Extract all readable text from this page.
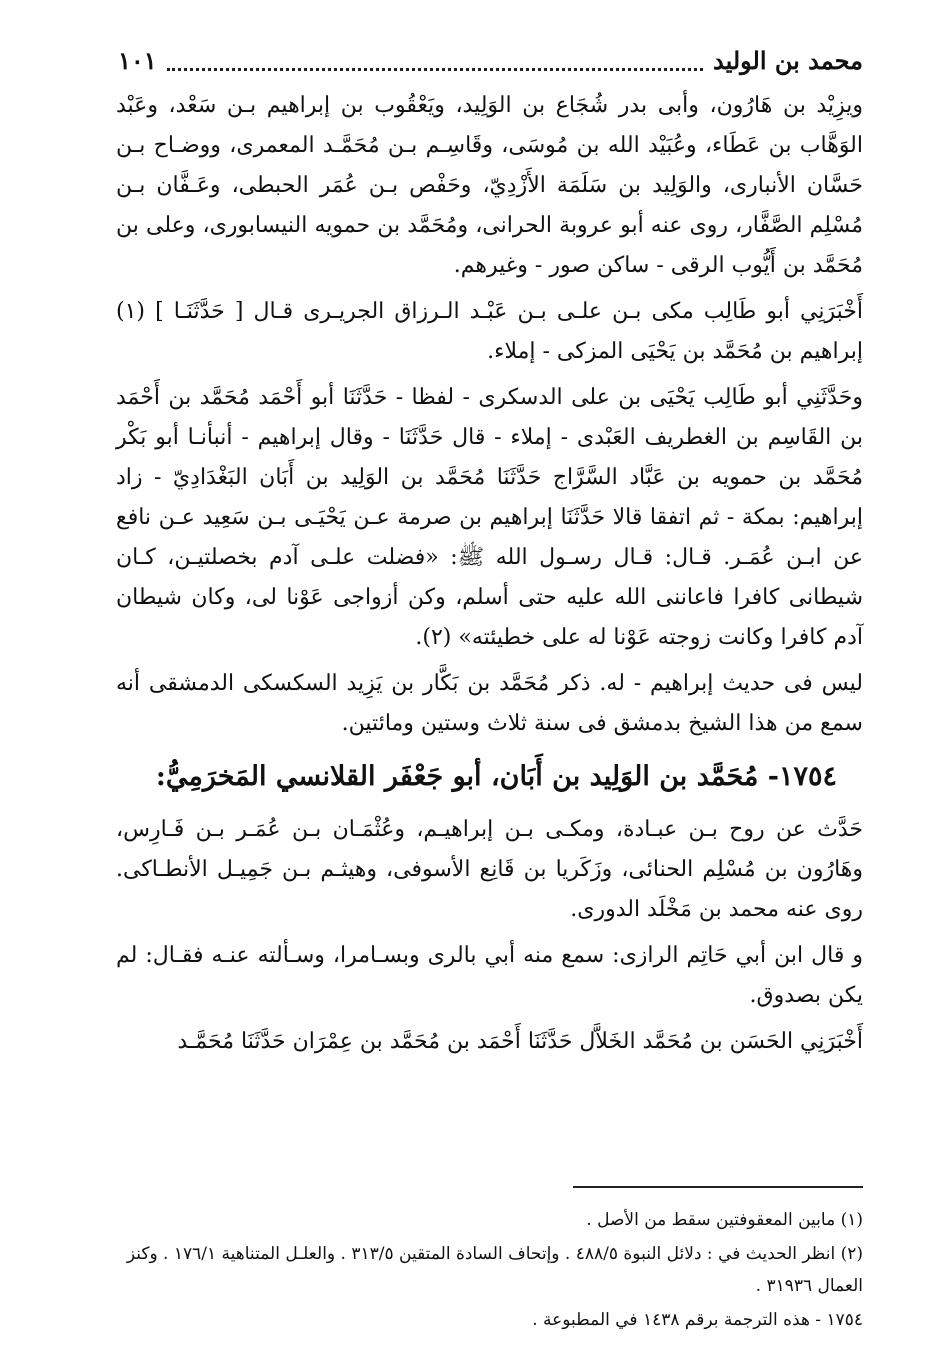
محمد بن الوليد
١٠١

ويزِيْد بن هَارُون، وأبى بدر شُجَاع بن الوَلِيد، ويَعْقُوب بن إبراهيم بـن سَعْد، وعَبْد الوَهَّاب بن عَطَاء، وعُبَيْد الله بن مُوسَى، وقَاسِـم بـن مُحَمَّـد المعمرى، ووضـاح بـن حَسَّان الأنبارى، والوَلِيد بن سَلَمَة الأَزْدِيّ، وحَفْص بـن عُمَر الحبطى، وعَـفَّان بـن مُسْلِم الصَّفَّار، روى عنه أبو عروبة الحرانى، ومُحَمَّد بن حمويه النيسابورى، وعلى بن مُحَمَّد بن أَيُّوب الرقى - ساكن صور - وغيرهم.

أَخْبَرَنِي أبو طَالِب مكى بـن علـى بـن عَبْـد الـرزاق الجريـرى قـال [ حَدَّثَنَـا ] (١) إبراهيم بن مُحَمَّد بن يَحْيَى المزكى - إملاء.

وحَدَّثَنِي أبو طَالِب يَحْيَى بن على الدسكرى - لفظا - حَدَّثَنَا أبو أَحْمَد مُحَمَّد بن أَحْمَد بن القَاسِم بن الغطريف العَبْدى - إملاء - قال حَدَّثَنَا - وقال إبراهيم - أنبأنـا أبو بَكْر مُحَمَّد بن حمويه بن عَبَّاد السَّرَّاج حَدَّثَنَا مُحَمَّد بن الوَلِيد بن أَبَان البَغْدَادِيّ - زاد إبراهيم: بمكة - ثم اتفقا قالا حَدَّثَنَا إبراهيم بن صرمة عـن يَحْيَـى بـن سَعِيد عـن نافع عن ابـن عُمَـر. قـال: قـال رسـول الله ﷺ: «فضلت علـى آدم بخصلتيـن، كـان شيطانى كافرا فاعاننى الله عليه حتى أسلم، وكن أزواجى عَوْنا لى، وكان شيطان آدم كافرا وكانت زوجته عَوْنا له على خطيئته» (٢).

ليس فى حديث إبراهيم - له. ذكر مُحَمَّد بن بَكَّار بن يَزِيد السكسكى الدمشقى أنه سمع من هذا الشيخ بدمشق فى سنة ثلاث وستين ومائتين.

١٧٥٤- مُحَمَّد بن الوَلِيد بن أَبَان، أبو جَعْفَر القلانسي المَخرَمِيُّ:

حَدَّث عن روح بـن عبـادة، ومكـى بـن إبراهيـم، وعُثْمَـان بـن عُمَـر بـن فَـارِس، وهَارُون بن مُسْلِم الحنائى، وزَكَريا بن قَانِع الأسوفى، وهيثـم بـن جَمِيـل الأنطـاكى. روى عنه محمد بن مَخْلَد الدورى.

و قال ابن أبي حَاتِم الرازى: سمع منه أبي بالرى وبسـامرا، وسـألته عنـه فقـال: لم يكن بصدوق.

أَخْبَرَنِي الحَسَن بن مُحَمَّد الخَلاَّل حَدَّثَنَا أَحْمَد بن مُحَمَّد بن عِمْرَان حَدَّثَنَا مُحَمَّـد

(١) مابين المعقوفتين سقط من الأصل .

(٢) انظر الحديث في : دلائل النبوة ٤٨٨/٥ . وإتحاف السادة المتقين ٣١٣/٥ . والعلـل المتناهية ١٧٦/١ . وكنز العمال ٣١٩٣٦ .

١٧٥٤ - هذه الترجمة برقم ١٤٣٨ في المطبوعة .
